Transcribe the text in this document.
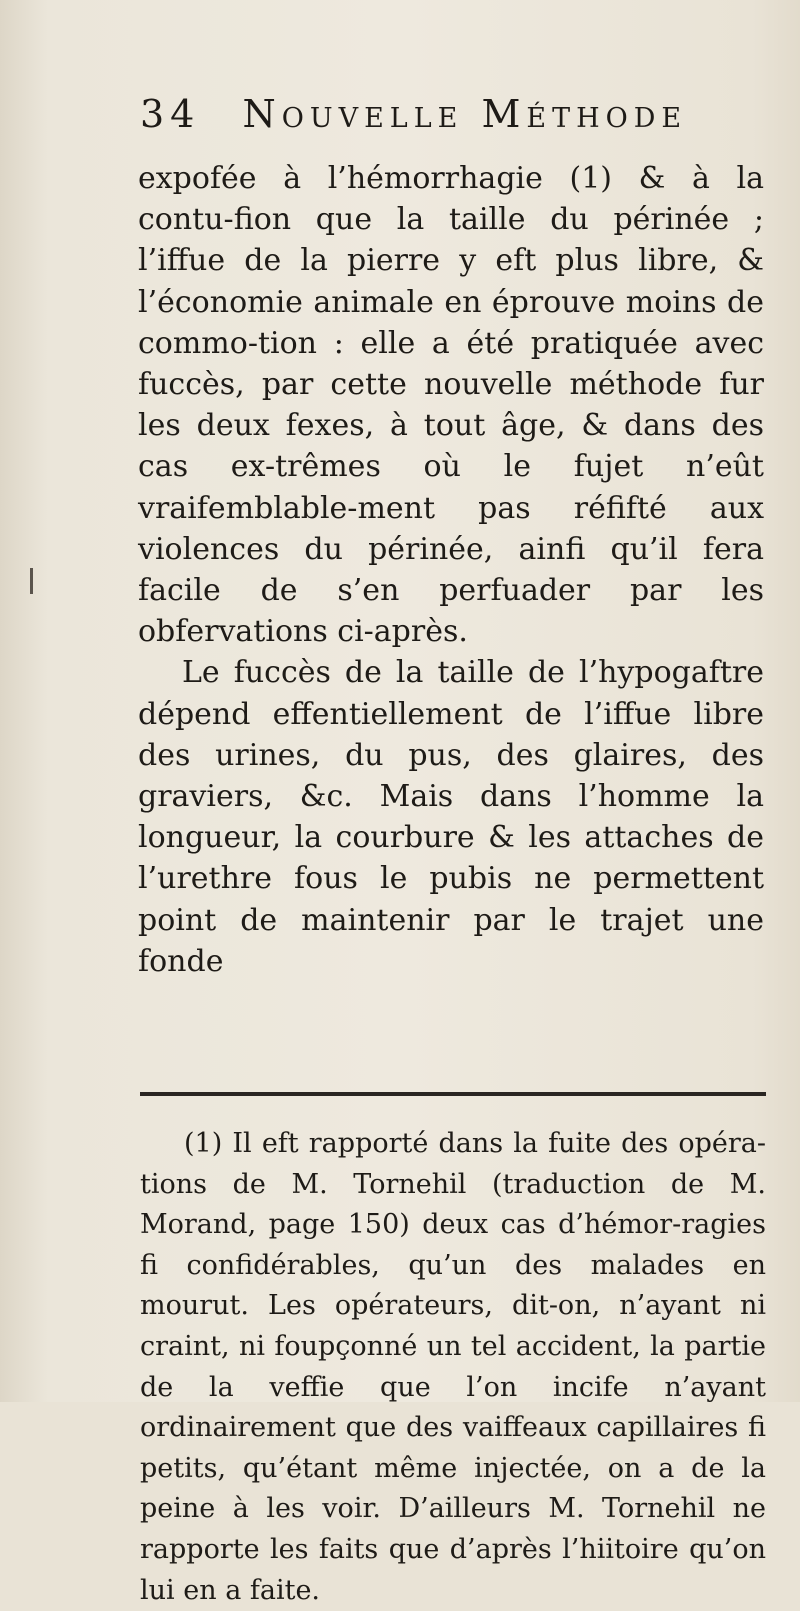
34 Nouvelle Méthode

expofée à l’hémorrhagie (1) & à la contu-fion que la taille du périnée ; l’iffue de la pierre y eft plus libre, & l’économie animale en éprouve moins de commo-tion : elle a été pratiquée avec fuccès, par cette nouvelle méthode fur les deux fexes, à tout âge, & dans des cas ex-trêmes où le fujet n’eût vraifemblable-ment pas réfifté aux violences du périnée, ainfi qu’il fera facile de s’en perfuader par les obfervations ci-après.

Le fuccès de la taille de l’hypogaftre dépend effentiellement de l’iffue libre des urines, du pus, des glaires, des graviers, &c. Mais dans l’homme la longueur, la courbure & les attaches de l’urethre fous le pubis ne permettent point de maintenir par le trajet une fonde

(1) Il eft rapporté dans la fuite des opéra-tions de M. Tornehil (traduction de M. Morand, page 150) deux cas d’hémor-ragies fi confidérables, qu’un des malades en mourut. Les opérateurs, dit-on, n’ayant ni craint, ni foupçonné un tel accident, la partie de la veffie que l’on incife n’ayant ordinairement que des vaiffeaux capillaires fi petits, qu’étant même injectée, on a de la peine à les voir. D’ailleurs M. Tornehil ne rapporte les faits que d’après l’hiitoire qu’on lui en a faite.
